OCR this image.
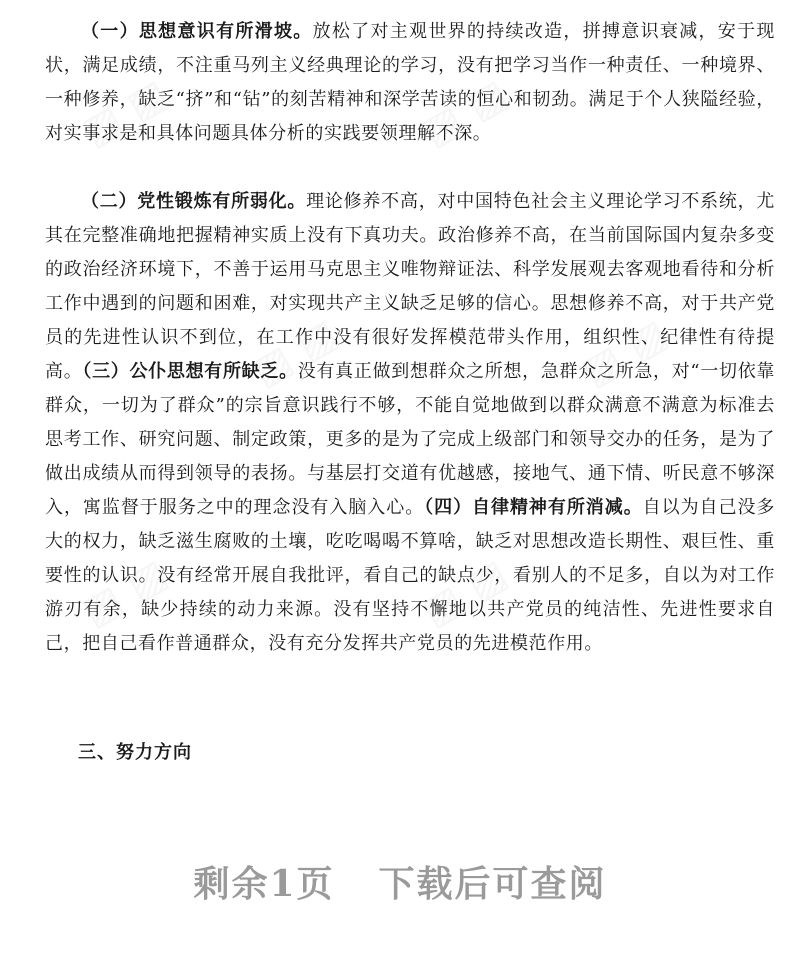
▨ ▨	▨ ▨
▨ ▨	▨ ▨
▨ ▨	▨ ▨

（一）思想意识有所滑坡。放松了对主观世界的持续改造，拼搏意识衰减，安于现状，满足成绩，不注重马列主义经典理论的学习，没有把学习当作一种责任、一种境界、一种修养，缺乏“挤”和“钻”的刻苦精神和深学苦读的恒心和韧劲。满足于个人狭隘经验，对实事求是和具体问题具体分析的实践要领理解不深。

（二）党性锻炼有所弱化。理论修养不高，对中国特色社会主义理论学习不系统，尤其在完整准确地把握精神实质上没有下真功夫。政治修养不高，在当前国际国内复杂多变的政治经济环境下，不善于运用马克思主义唯物辩证法、科学发展观去客观地看待和分析工作中遇到的问题和困难，对实现共产主义缺乏足够的信心。思想修养不高，对于共产党员的先进性认识不到位，在工作中没有很好发挥模范带头作用，组织性、纪律性有待提高。（三）公仆思想有所缺乏。没有真正做到想群众之所想，急群众之所急，对“一切依靠群众，一切为了群众”的宗旨意识践行不够，不能自觉地做到以群众满意不满意为标准去思考工作、研究问题、制定政策，更多的是为了完成上级部门和领导交办的任务，是为了做出成绩从而得到领导的表扬。与基层打交道有优越感，接地气、通下情、听民意不够深入，寓监督于服务之中的理念没有入脑入心。（四）自律精神有所消减。自以为自己没多大的权力，缺乏滋生腐败的土壤，吃吃喝喝不算啥，缺乏对思想改造长期性、艰巨性、重要性的认识。没有经常开展自我批评，看自己的缺点少，看别人的不足多，自以为对工作游刃有余，缺少持续的动力来源。没有坚持不懈地以共产党员的纯洁性、先进性要求自己，把自己看作普通群众，没有充分发挥共产党员的先进模范作用。

三、努力方向
剩余1页 下载后可查阅
